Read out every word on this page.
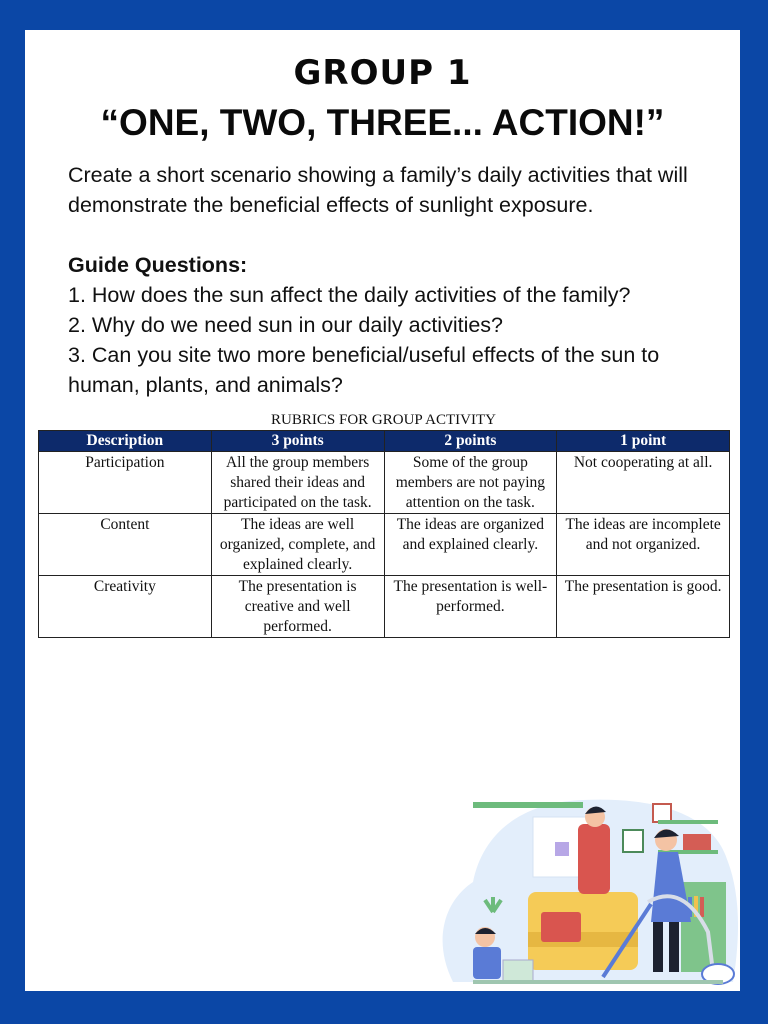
GROUP 1
“ONE, TWO, THREE... ACTION!”

Create a short scenario showing a family’s daily activities that will demonstrate the beneficial effects of sunlight exposure.

Guide Questions:

1. How does the sun affect the daily activities of the family?

2. Why do we need sun in our daily activities?

3. Can you site two more beneficial/useful effects of the sun to human, plants, and animals?

RUBRICS FOR GROUP ACTIVITY
Description	3 points	2 points	1 point
Participation	All the group members shared their ideas and participated on the task.	Some of the group members are not paying attention on the task.	Not cooperating at all.
Content	The ideas are well organized, complete, and explained clearly.	The ideas are organized and explained clearly.	The ideas are incomplete and not organized.
Creativity	The presentation is creative and well performed.	The presentation is well-performed.	The presentation is good.
